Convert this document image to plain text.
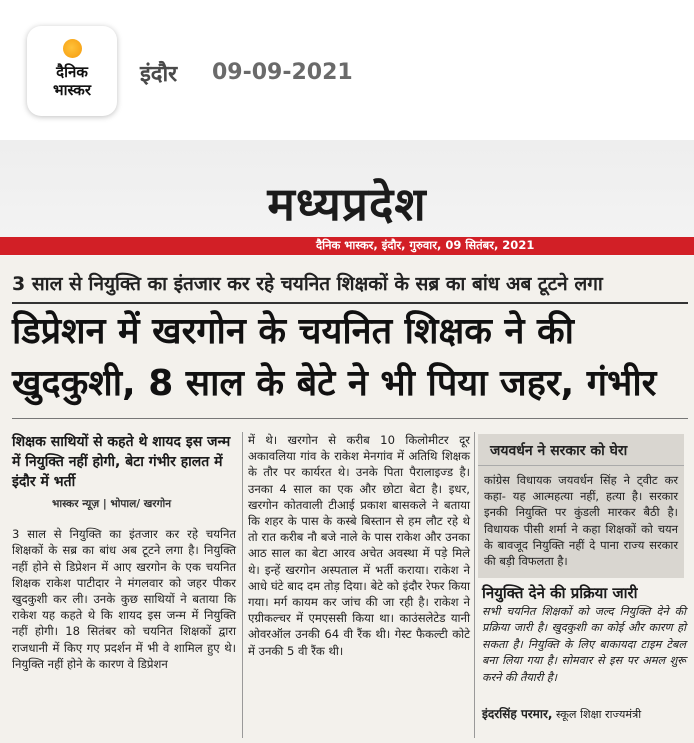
दैनिक
भास्कर
इंदौर 09-09-2021
मध्यप्रदेश
दैनिक भास्कर, इंदौर, गुरुवार, 09 सितंबर, 2021
3 साल से नियुक्ति का इंतजार कर रहे चयनित शिक्षकों के सब्र का बांध अब टूटने लगा
डिप्रेशन में खरगोन के चयनित शिक्षक ने की
खुदकुशी, 8 साल के बेटे ने भी पिया जहर, गंभीर
शिक्षक साथियों से कहते थे शायद इस जन्म में नियुक्ति नहीं होगी, बेटा गंभीर हालत में इंदौर में भर्ती
भास्कर न्यूज़ | भोपाल/ खरगोन
3 साल से नियुक्ति का इंतजार कर रहे चयनित शिक्षकों के सब्र का बांध अब टूटने लगा है। नियुक्ति नहीं होने से डिप्रेशन में आए खरगोन के एक चयनित शिक्षक राकेश पाटीदार ने मंगलवार को जहर पीकर खुदकुशी कर ली। उनके कुछ साथियों ने बताया कि राकेश यह कहते थे कि शायद इस जन्म में नियुक्ति नहीं होगी। 18 सितंबर को चयनित शिक्षकों द्वारा राजधानी में किए गए प्रदर्शन में भी वे शामिल हुए थे। नियुक्ति नहीं होने के कारण वे डिप्रेशन
में थे। खरगोन से करीब 10 किलोमीटर दूर अकावलिया गांव के राकेश मेनगांव में अतिथि शिक्षक के तौर पर कार्यरत थे। उनके पिता पैरालाइज्ड है। उनका 4 साल का एक और छोटा बेटा है। इधर, खरगोन कोतवाली टीआई प्रकाश बासकले ने बताया कि शहर के पास के कस्बे बिस्तान से हम लौट रहे थे तो रात करीब नौ बजे नाले के पास राकेश और उनका आठ साल का बेटा आरव अचेत अवस्था में पड़े मिले थे। इन्हें खरगोन अस्पताल में भर्ती कराया। राकेश ने आधे घंटे बाद दम तोड़ दिया। बेटे को इंदौर रेफर किया गया। मर्ग कायम कर जांच की जा रही है। राकेश ने एग्रीकल्चर में एमएससी किया था। काउंसलेटेड यानी ओवरऑल उनकी 64 वी रैंक थी। गेस्ट फैकल्टी कोटे में उनकी 5 वी रैंक थी।
जयवर्धन ने सरकार को घेरा
कांग्रेस विधायक जयवर्धन सिंह ने ट्वीट कर कहा- यह आत्महत्या नहीं, हत्या है। सरकार इनकी नियुक्ति पर कुंडली मारकर बैठी है। विधायक पीसी शर्मा ने कहा शिक्षकों को चयन के बावजूद नियुक्ति नहीं दे पाना राज्य सरकार की बड़ी विफलता है।
नियुक्ति देने की प्रक्रिया जारी
सभी चयनित शिक्षकों को जल्द नियुक्ति देने की प्रक्रिया जारी है। खुदकुशी का कोई और कारण हो सकता है। नियुक्ति के लिए बाकायदा टाइम टेबल बना लिया गया है। सोमवार से इस पर अमल शुरू करने की तैयारी है।
इंदरसिंह परमार, स्कूल शिक्षा राज्यमंत्री
